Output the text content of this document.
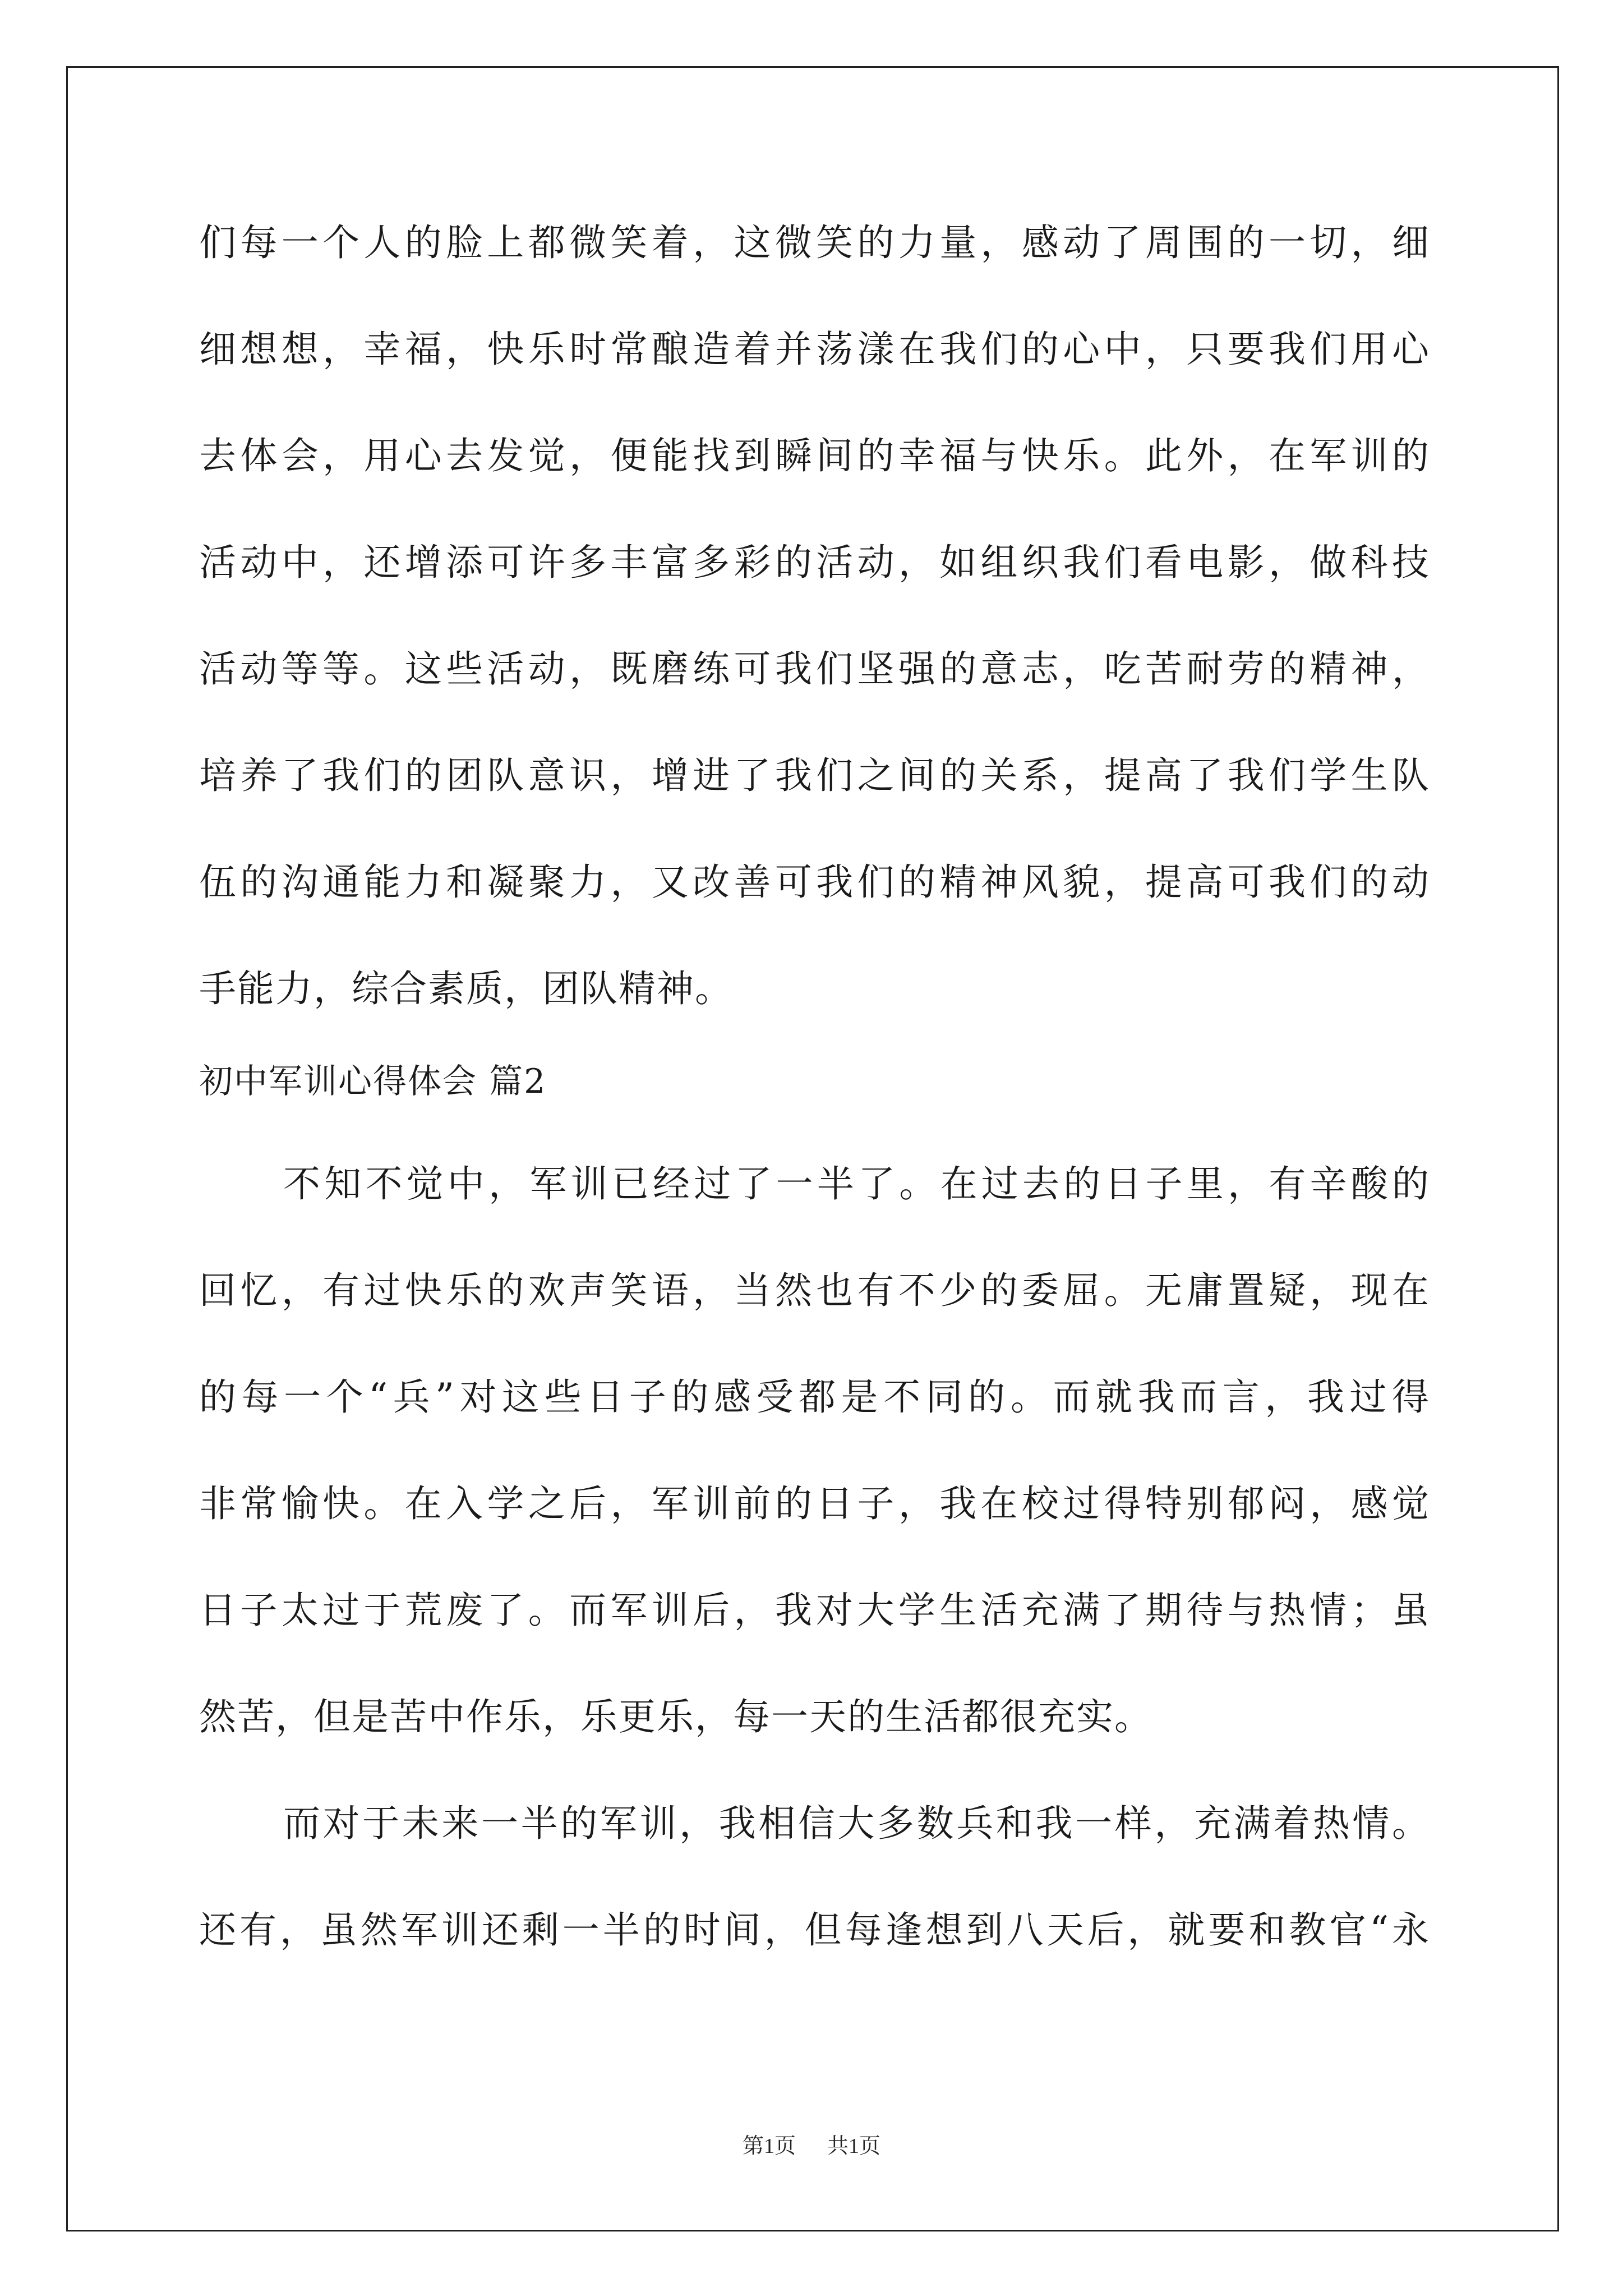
们每一个人的脸上都微笑着，这微笑的力量，感动了周围的一切，细
细想想，幸福，快乐时常酿造着并荡漾在我们的心中，只要我们用心
去体会，用心去发觉，便能找到瞬间的幸福与快乐。此外，在军训的
活动中，还增添可许多丰富多彩的活动，如组织我们看电影，做科技
活动等等。这些活动，既磨练可我们坚强的意志，吃苦耐劳的精神，
培养了我们的团队意识，增进了我们之间的关系，提高了我们学生队
伍的沟通能力和凝聚力，又改善可我们的精神风貌，提高可我们的动
手能力，综合素质，团队精神。
初中军训心得体会 篇2
不知不觉中，军训已经过了一半了。在过去的日子里，有辛酸的
回忆，有过快乐的欢声笑语，当然也有不少的委屈。无庸置疑，现在
的每一个“兵”对这些日子的感受都是不同的。而就我而言，我过得
非常愉快。在入学之后，军训前的日子，我在校过得特别郁闷，感觉
日子太过于荒废了。而军训后，我对大学生活充满了期待与热情；虽
然苦，但是苦中作乐，乐更乐，每一天的生活都很充实。
而对于未来一半的军训，我相信大多数兵和我一样，充满着热情。
还有，虽然军训还剩一半的时间，但每逢想到八天后，就要和教官“永
第1页 共1页
